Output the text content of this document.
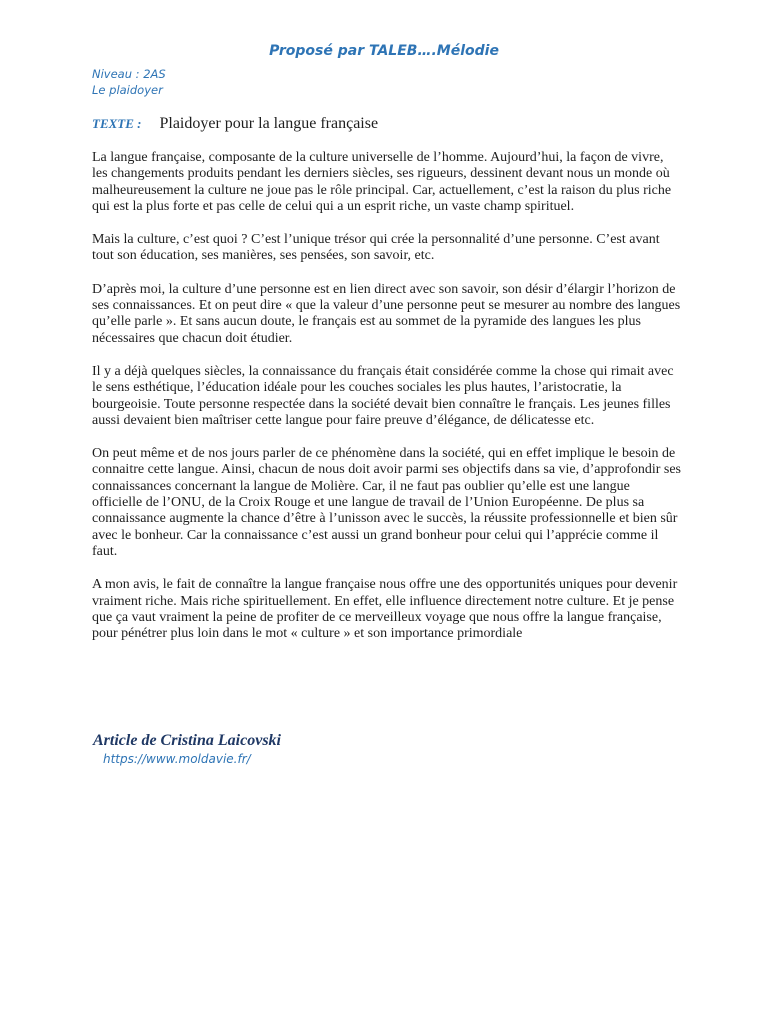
Proposé par TALEB….Mélodie
Niveau : 2AS
Le plaidoyer
TEXTE : Plaidoyer pour la langue française

La langue française, composante de la culture universelle de l’homme. Aujourd’hui, la façon de vivre, les changements produits pendant les derniers siècles, ses rigueurs, dessinent devant nous un monde où malheureusement la culture ne joue pas le rôle principal. Car, actuellement, c’est la raison du plus riche qui est la plus forte et pas celle de celui qui a un esprit riche, un vaste champ spirituel.

Mais la culture, c’est quoi ? C’est l’unique trésor qui crée la personnalité d’une personne. C’est avant tout son éducation, ses manières, ses pensées, son savoir, etc.

D’après moi, la culture d’une personne est en lien direct avec son savoir, son désir d’élargir l’horizon de ses connaissances. Et on peut dire « que la valeur d’une personne peut se mesurer au nombre des langues qu’elle parle ». Et sans aucun doute, le français est au sommet de la pyramide des langues les plus nécessaires que chacun doit étudier.

Il y a déjà quelques siècles, la connaissance du français était considérée comme la chose qui rimait avec le sens esthétique, l’éducation idéale pour les couches sociales les plus hautes, l’aristocratie, la bourgeoisie. Toute personne respectée dans la société devait bien connaître le français. Les jeunes filles aussi devaient bien maîtriser cette langue pour faire preuve d’élégance, de délicatesse etc.

On peut même et de nos jours parler de ce phénomène dans la société, qui en effet implique le besoin de connaitre cette langue. Ainsi, chacun de nous doit avoir parmi ses objectifs dans sa vie, d’approfondir ses connaissances concernant la langue de Molière. Car, il ne faut pas oublier qu’elle est une langue officielle de l’ONU, de la Croix Rouge et une langue de travail de l’Union Européenne. De plus sa connaissance augmente la chance d’être à l’unisson avec le succès, la réussite professionnelle et bien sûr avec le bonheur. Car la connaissance c’est aussi un grand bonheur pour celui qui l’apprécie comme il faut.

A mon avis, le fait de connaître la langue française nous offre une des opportunités uniques pour devenir vraiment riche. Mais riche spirituellement. En effet, elle influence directement notre culture. Et je pense que ça vaut vraiment la peine de profiter de ce merveilleux voyage que nous offre la langue française, pour pénétrer plus loin dans le mot « culture » et son importance primordiale

Article de Cristina Laicovski
https://www.moldavie.fr/
